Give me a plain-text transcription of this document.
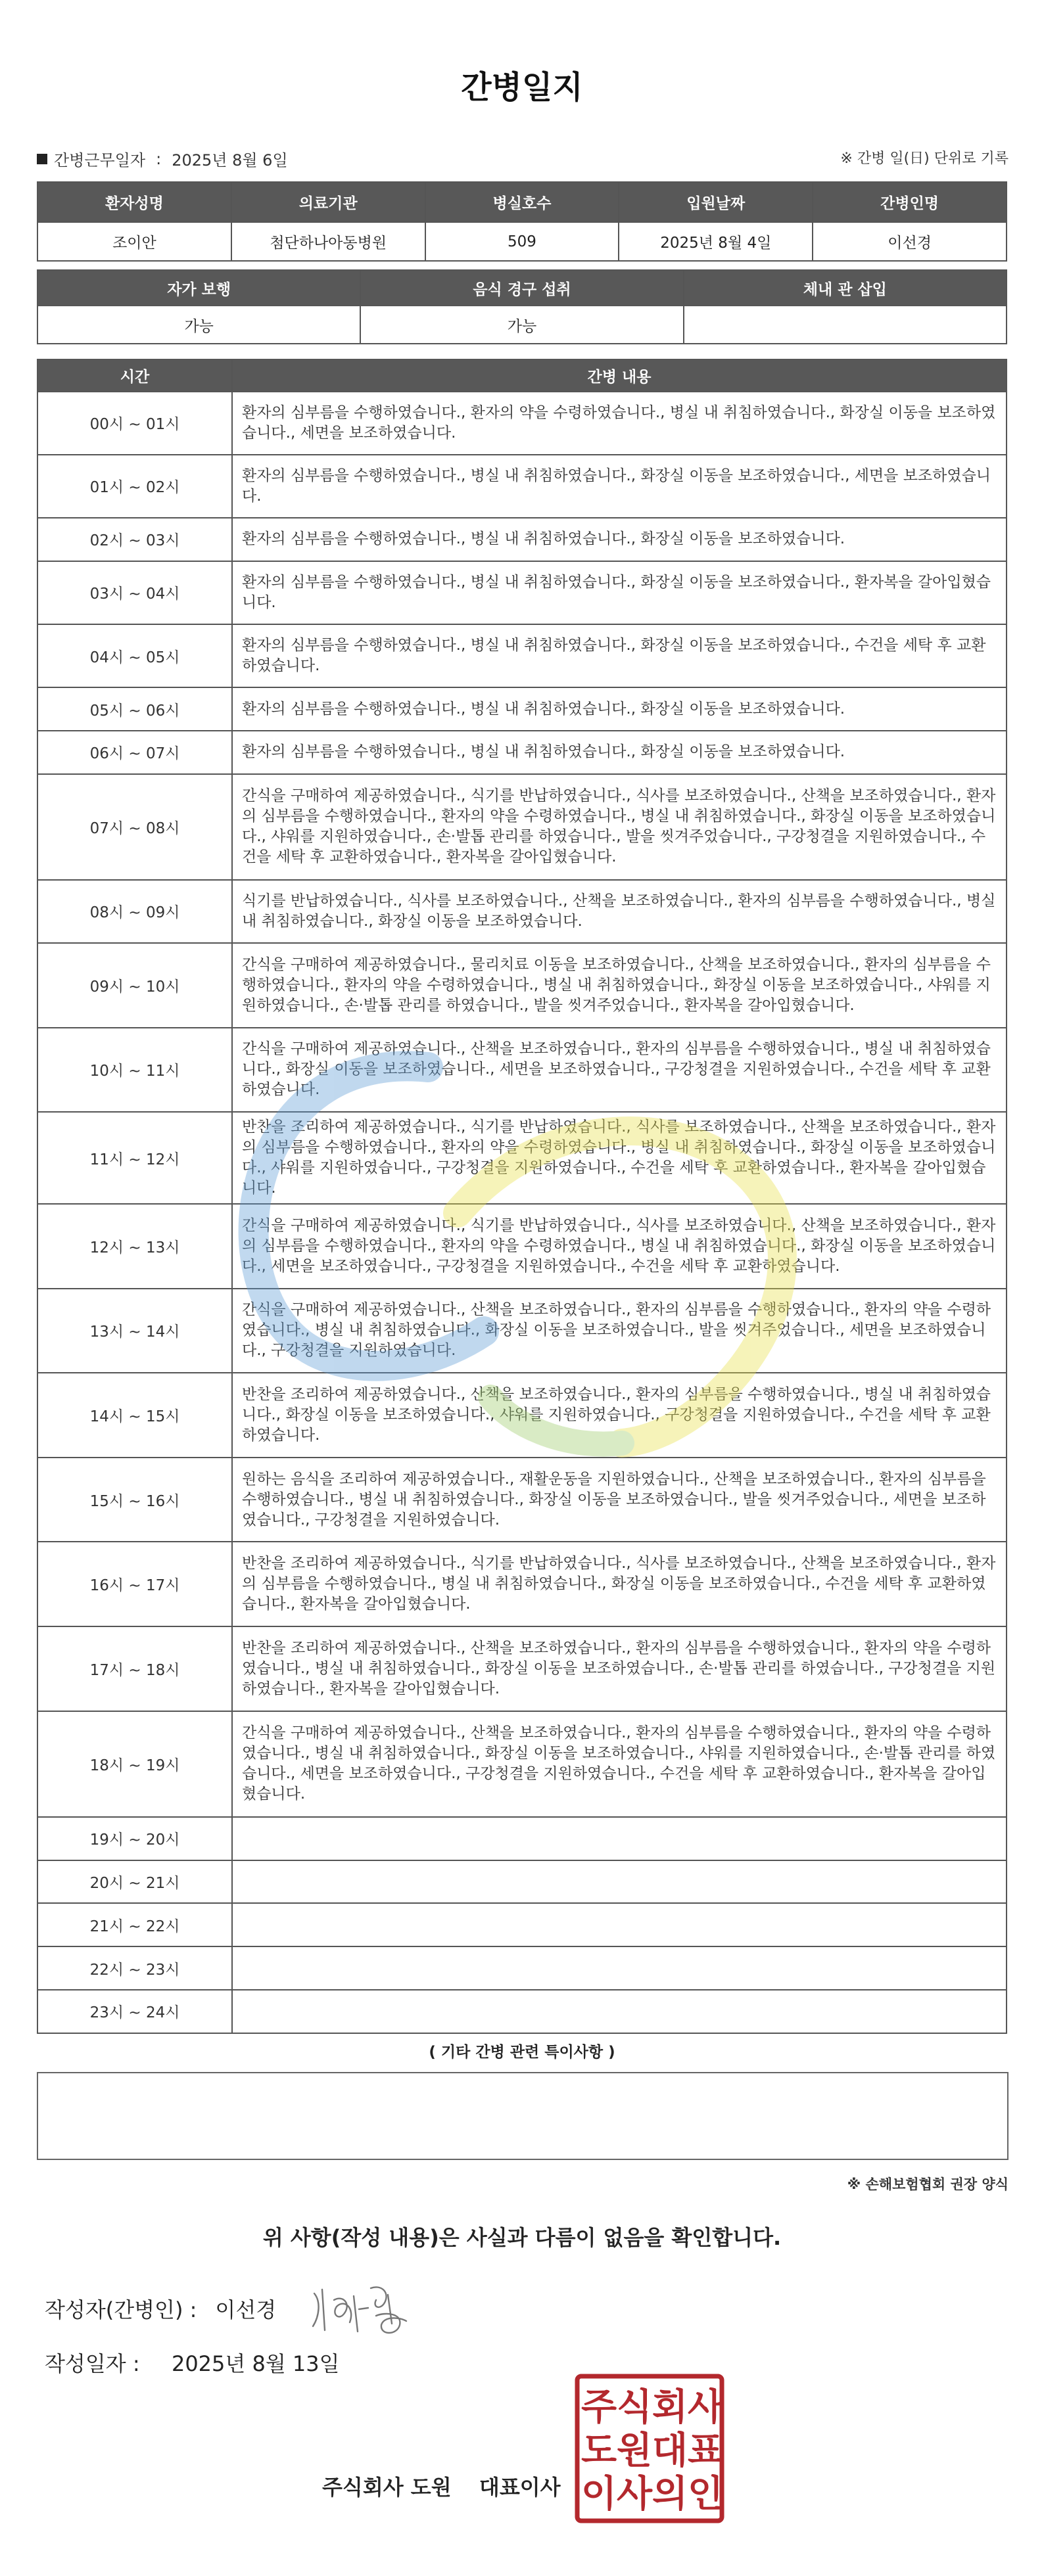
간병일지
간병근무일자 : 2025년 8월 6일	※ 간병 일(日) 단위로 기록
환자성명	의료기관	병실호수	입원날짜	간병인명
조이안	첨단하나아동병원	509	2025년 8월 4일	이선경
자가 보행	음식 경구 섭취	체내 관 삽입
가능	가능	
시간	간병 내용
00시 ~ 01시	환자의 심부름을 수행하였습니다., 환자의 약을 수령하였습니다., 병실 내 취침하였습니다., 화장실 이동을 보조하였습니다., 세면을 보조하였습니다.
01시 ~ 02시	환자의 심부름을 수행하였습니다., 병실 내 취침하였습니다., 화장실 이동을 보조하였습니다., 세면을 보조하였습니다.
02시 ~ 03시	환자의 심부름을 수행하였습니다., 병실 내 취침하였습니다., 화장실 이동을 보조하였습니다.
03시 ~ 04시	환자의 심부름을 수행하였습니다., 병실 내 취침하였습니다., 화장실 이동을 보조하였습니다., 환자복을 갈아입혔습니다.
04시 ~ 05시	환자의 심부름을 수행하였습니다., 병실 내 취침하였습니다., 화장실 이동을 보조하였습니다., 수건을 세탁 후 교환하였습니다.
05시 ~ 06시	환자의 심부름을 수행하였습니다., 병실 내 취침하였습니다., 화장실 이동을 보조하였습니다.
06시 ~ 07시	환자의 심부름을 수행하였습니다., 병실 내 취침하였습니다., 화장실 이동을 보조하였습니다.
07시 ~ 08시	간식을 구매하여 제공하였습니다., 식기를 반납하였습니다., 식사를 보조하였습니다., 산책을 보조하였습니다., 환자의 심부름을 수행하였습니다., 환자의 약을 수령하였습니다., 병실 내 취침하였습니다., 화장실 이동을 보조하였습니다., 샤워를 지원하였습니다., 손·발톱 관리를 하였습니다., 발을 씻겨주었습니다., 구강청결을 지원하였습니다., 수건을 세탁 후 교환하였습니다., 환자복을 갈아입혔습니다.
08시 ~ 09시	식기를 반납하였습니다., 식사를 보조하였습니다., 산책을 보조하였습니다., 환자의 심부름을 수행하였습니다., 병실 내 취침하였습니다., 화장실 이동을 보조하였습니다.
09시 ~ 10시	간식을 구매하여 제공하였습니다., 물리치료 이동을 보조하였습니다., 산책을 보조하였습니다., 환자의 심부름을 수행하였습니다., 환자의 약을 수령하였습니다., 병실 내 취침하였습니다., 화장실 이동을 보조하였습니다., 샤워를 지원하였습니다., 손·발톱 관리를 하였습니다., 발을 씻겨주었습니다., 환자복을 갈아입혔습니다.
10시 ~ 11시	간식을 구매하여 제공하였습니다., 산책을 보조하였습니다., 환자의 심부름을 수행하였습니다., 병실 내 취침하였습니다., 화장실 이동을 보조하였습니다., 세면을 보조하였습니다., 구강청결을 지원하였습니다., 수건을 세탁 후 교환하였습니다.
11시 ~ 12시	반찬을 조리하여 제공하였습니다., 식기를 반납하였습니다., 식사를 보조하였습니다., 산책을 보조하였습니다., 환자의 심부름을 수행하였습니다., 환자의 약을 수령하였습니다., 병실 내 취침하였습니다., 화장실 이동을 보조하였습니다., 샤워를 지원하였습니다., 구강청결을 지원하였습니다., 수건을 세탁 후 교환하였습니다., 환자복을 갈아입혔습니다.
12시 ~ 13시	간식을 구매하여 제공하였습니다., 식기를 반납하였습니다., 식사를 보조하였습니다., 산책을 보조하였습니다., 환자의 심부름을 수행하였습니다., 환자의 약을 수령하였습니다., 병실 내 취침하였습니다., 화장실 이동을 보조하였습니다., 세면을 보조하였습니다., 구강청결을 지원하였습니다., 수건을 세탁 후 교환하였습니다.
13시 ~ 14시	간식을 구매하여 제공하였습니다., 산책을 보조하였습니다., 환자의 심부름을 수행하였습니다., 환자의 약을 수령하였습니다., 병실 내 취침하였습니다., 화장실 이동을 보조하였습니다., 발을 씻겨주었습니다., 세면을 보조하였습니다., 구강청결을 지원하였습니다.
14시 ~ 15시	반찬을 조리하여 제공하였습니다., 산책을 보조하였습니다., 환자의 심부름을 수행하였습니다., 병실 내 취침하였습니다., 화장실 이동을 보조하였습니다., 샤워를 지원하였습니다., 구강청결을 지원하였습니다., 수건을 세탁 후 교환하였습니다.
15시 ~ 16시	원하는 음식을 조리하여 제공하였습니다., 재활운동을 지원하였습니다., 산책을 보조하였습니다., 환자의 심부름을 수행하였습니다., 병실 내 취침하였습니다., 화장실 이동을 보조하였습니다., 발을 씻겨주었습니다., 세면을 보조하였습니다., 구강청결을 지원하였습니다.
16시 ~ 17시	반찬을 조리하여 제공하였습니다., 식기를 반납하였습니다., 식사를 보조하였습니다., 산책을 보조하였습니다., 환자의 심부름을 수행하였습니다., 병실 내 취침하였습니다., 화장실 이동을 보조하였습니다., 수건을 세탁 후 교환하였습니다., 환자복을 갈아입혔습니다.
17시 ~ 18시	반찬을 조리하여 제공하였습니다., 산책을 보조하였습니다., 환자의 심부름을 수행하였습니다., 환자의 약을 수령하였습니다., 병실 내 취침하였습니다., 화장실 이동을 보조하였습니다., 손·발톱 관리를 하였습니다., 구강청결을 지원하였습니다., 환자복을 갈아입혔습니다.
18시 ~ 19시	간식을 구매하여 제공하였습니다., 산책을 보조하였습니다., 환자의 심부름을 수행하였습니다., 환자의 약을 수령하였습니다., 병실 내 취침하였습니다., 화장실 이동을 보조하였습니다., 샤워를 지원하였습니다., 손·발톱 관리를 하였습니다., 세면을 보조하였습니다., 구강청결을 지원하였습니다., 수건을 세탁 후 교환하였습니다., 환자복을 갈아입혔습니다.
19시 ~ 20시	
20시 ~ 21시	
21시 ~ 22시	
22시 ~ 23시	
23시 ~ 24시	
( 기타 간병 관련 특이사항 )
※ 손해보험협회 권장 양식
위 사항(작성 내용)은 사실과 다름이 없음을 확인합니다.
작성자(간병인) : 이선경
작성일자 : 2025년 8월 13일
주식회사 도원 대표이사
주 식 회 사
도 원 대 표
이 사 의 인
